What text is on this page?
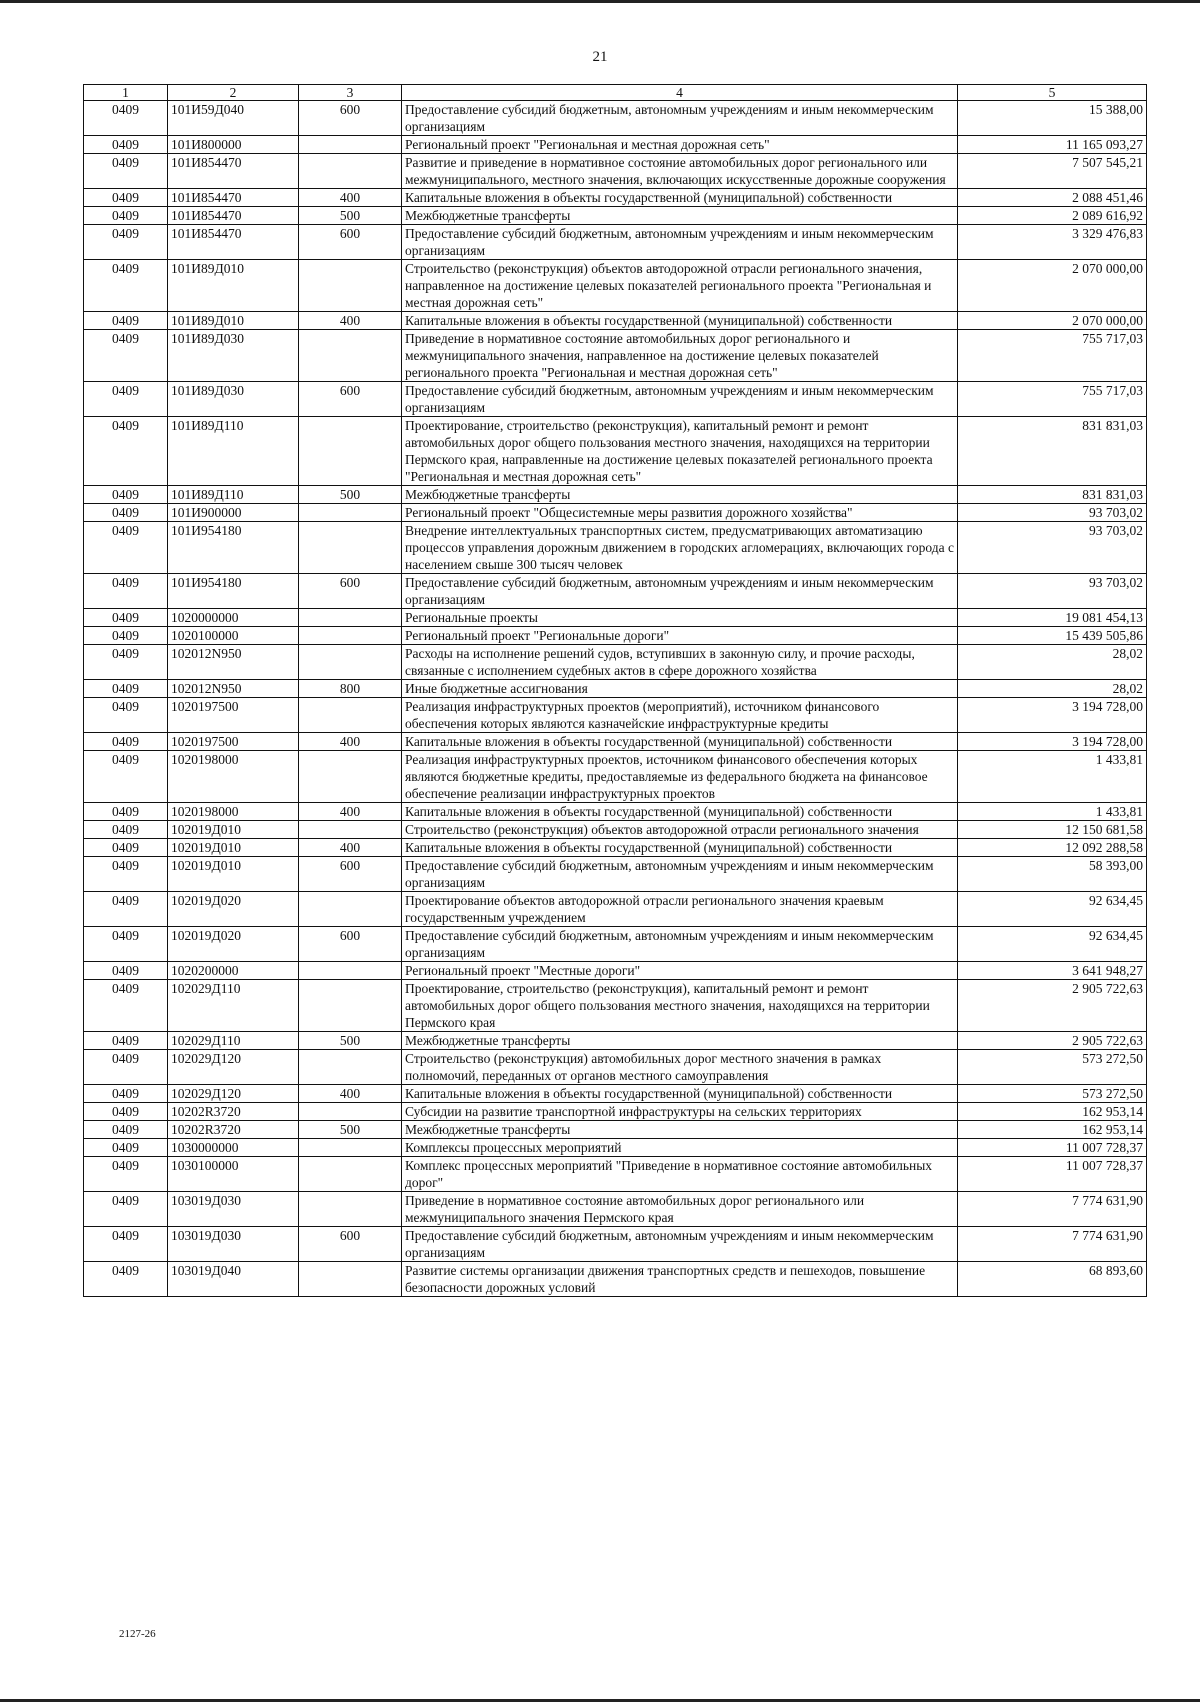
21
1	2	3	4	5
0409	101И59Д040	600	Предоставление субсидий бюджетным, автономным учреждениям и иным некоммерческим организациям	15 388,00
0409	101И800000		Региональный проект "Региональная и местная дорожная сеть"	11 165 093,27
0409	101И854470		Развитие и приведение в нормативное состояние автомобильных дорог регионального или межмуниципального, местного значения, включающих искусственные дорожные сооружения	7 507 545,21
0409	101И854470	400	Капитальные вложения в объекты государственной (муниципальной) собственности	2 088 451,46
0409	101И854470	500	Межбюджетные трансферты	2 089 616,92
0409	101И854470	600	Предоставление субсидий бюджетным, автономным учреждениям и иным некоммерческим организациям	3 329 476,83
0409	101И89Д010		Строительство (реконструкция) объектов автодорожной отрасли регионального значения, направленное на достижение целевых показателей регионального проекта "Региональная и местная дорожная сеть"	2 070 000,00
0409	101И89Д010	400	Капитальные вложения в объекты государственной (муниципальной) собственности	2 070 000,00
0409	101И89Д030		Приведение в нормативное состояние автомобильных дорог регионального и межмуниципального значения, направленное на достижение целевых показателей регионального проекта "Региональная и местная дорожная сеть"	755 717,03
0409	101И89Д030	600	Предоставление субсидий бюджетным, автономным учреждениям и иным некоммерческим организациям	755 717,03
0409	101И89Д110		Проектирование, строительство (реконструкция), капитальный ремонт и ремонт автомобильных дорог общего пользования местного значения, находящихся на территории Пермского края, направленные на достижение целевых показателей регионального проекта "Региональная и местная дорожная сеть"	831 831,03
0409	101И89Д110	500	Межбюджетные трансферты	831 831,03
0409	101И900000		Региональный проект "Общесистемные меры развития дорожного хозяйства"	93 703,02
0409	101И954180		Внедрение интеллектуальных транспортных систем, предусматривающих автоматизацию процессов управления дорожным движением в городских агломерациях, включающих города с населением свыше 300 тысяч человек	93 703,02
0409	101И954180	600	Предоставление субсидий бюджетным, автономным учреждениям и иным некоммерческим организациям	93 703,02
0409	1020000000		Региональные проекты	19 081 454,13
0409	1020100000		Региональный проект "Региональные дороги"	15 439 505,86
0409	102012N950		Расходы на исполнение решений судов, вступивших в законную силу, и прочие расходы, связанные с исполнением судебных актов в сфере дорожного хозяйства	28,02
0409	102012N950	800	Иные бюджетные ассигнования	28,02
0409	1020197500		Реализация инфраструктурных проектов (мероприятий), источником финансового обеспечения которых являются казначейские инфраструктурные кредиты	3 194 728,00
0409	1020197500	400	Капитальные вложения в объекты государственной (муниципальной) собственности	3 194 728,00
0409	1020198000		Реализация инфраструктурных проектов, источником финансового обеспечения которых являются бюджетные кредиты, предоставляемые из федерального бюджета на финансовое обеспечение реализации инфраструктурных проектов	1 433,81
0409	1020198000	400	Капитальные вложения в объекты государственной (муниципальной) собственности	1 433,81
0409	102019Д010		Строительство (реконструкция) объектов автодорожной отрасли регионального значения	12 150 681,58
0409	102019Д010	400	Капитальные вложения в объекты государственной (муниципальной) собственности	12 092 288,58
0409	102019Д010	600	Предоставление субсидий бюджетным, автономным учреждениям и иным некоммерческим организациям	58 393,00
0409	102019Д020		Проектирование объектов автодорожной отрасли регионального значения краевым государственным учреждением	92 634,45
0409	102019Д020	600	Предоставление субсидий бюджетным, автономным учреждениям и иным некоммерческим организациям	92 634,45
0409	1020200000		Региональный проект "Местные дороги"	3 641 948,27
0409	102029Д110		Проектирование, строительство (реконструкция), капитальный ремонт и ремонт автомобильных дорог общего пользования местного значения, находящихся на территории Пермского края	2 905 722,63
0409	102029Д110	500	Межбюджетные трансферты	2 905 722,63
0409	102029Д120		Строительство (реконструкция) автомобильных дорог местного значения в рамках полномочий, переданных от органов местного самоуправления	573 272,50
0409	102029Д120	400	Капитальные вложения в объекты государственной (муниципальной) собственности	573 272,50
0409	10202R3720		Субсидии на развитие транспортной инфраструктуры на сельских территориях	162 953,14
0409	10202R3720	500	Межбюджетные трансферты	162 953,14
0409	1030000000		Комплексы процессных мероприятий	11 007 728,37
0409	1030100000		Комплекс процессных мероприятий "Приведение в нормативное состояние автомобильных дорог"	11 007 728,37
0409	103019Д030		Приведение в нормативное состояние автомобильных дорог регионального или межмуниципального значения Пермского края	7 774 631,90
0409	103019Д030	600	Предоставление субсидий бюджетным, автономным учреждениям и иным некоммерческим организациям	7 774 631,90
0409	103019Д040		Развитие системы организации движения транспортных средств и пешеходов, повышение безопасности дорожных условий	68 893,60
2127-26
